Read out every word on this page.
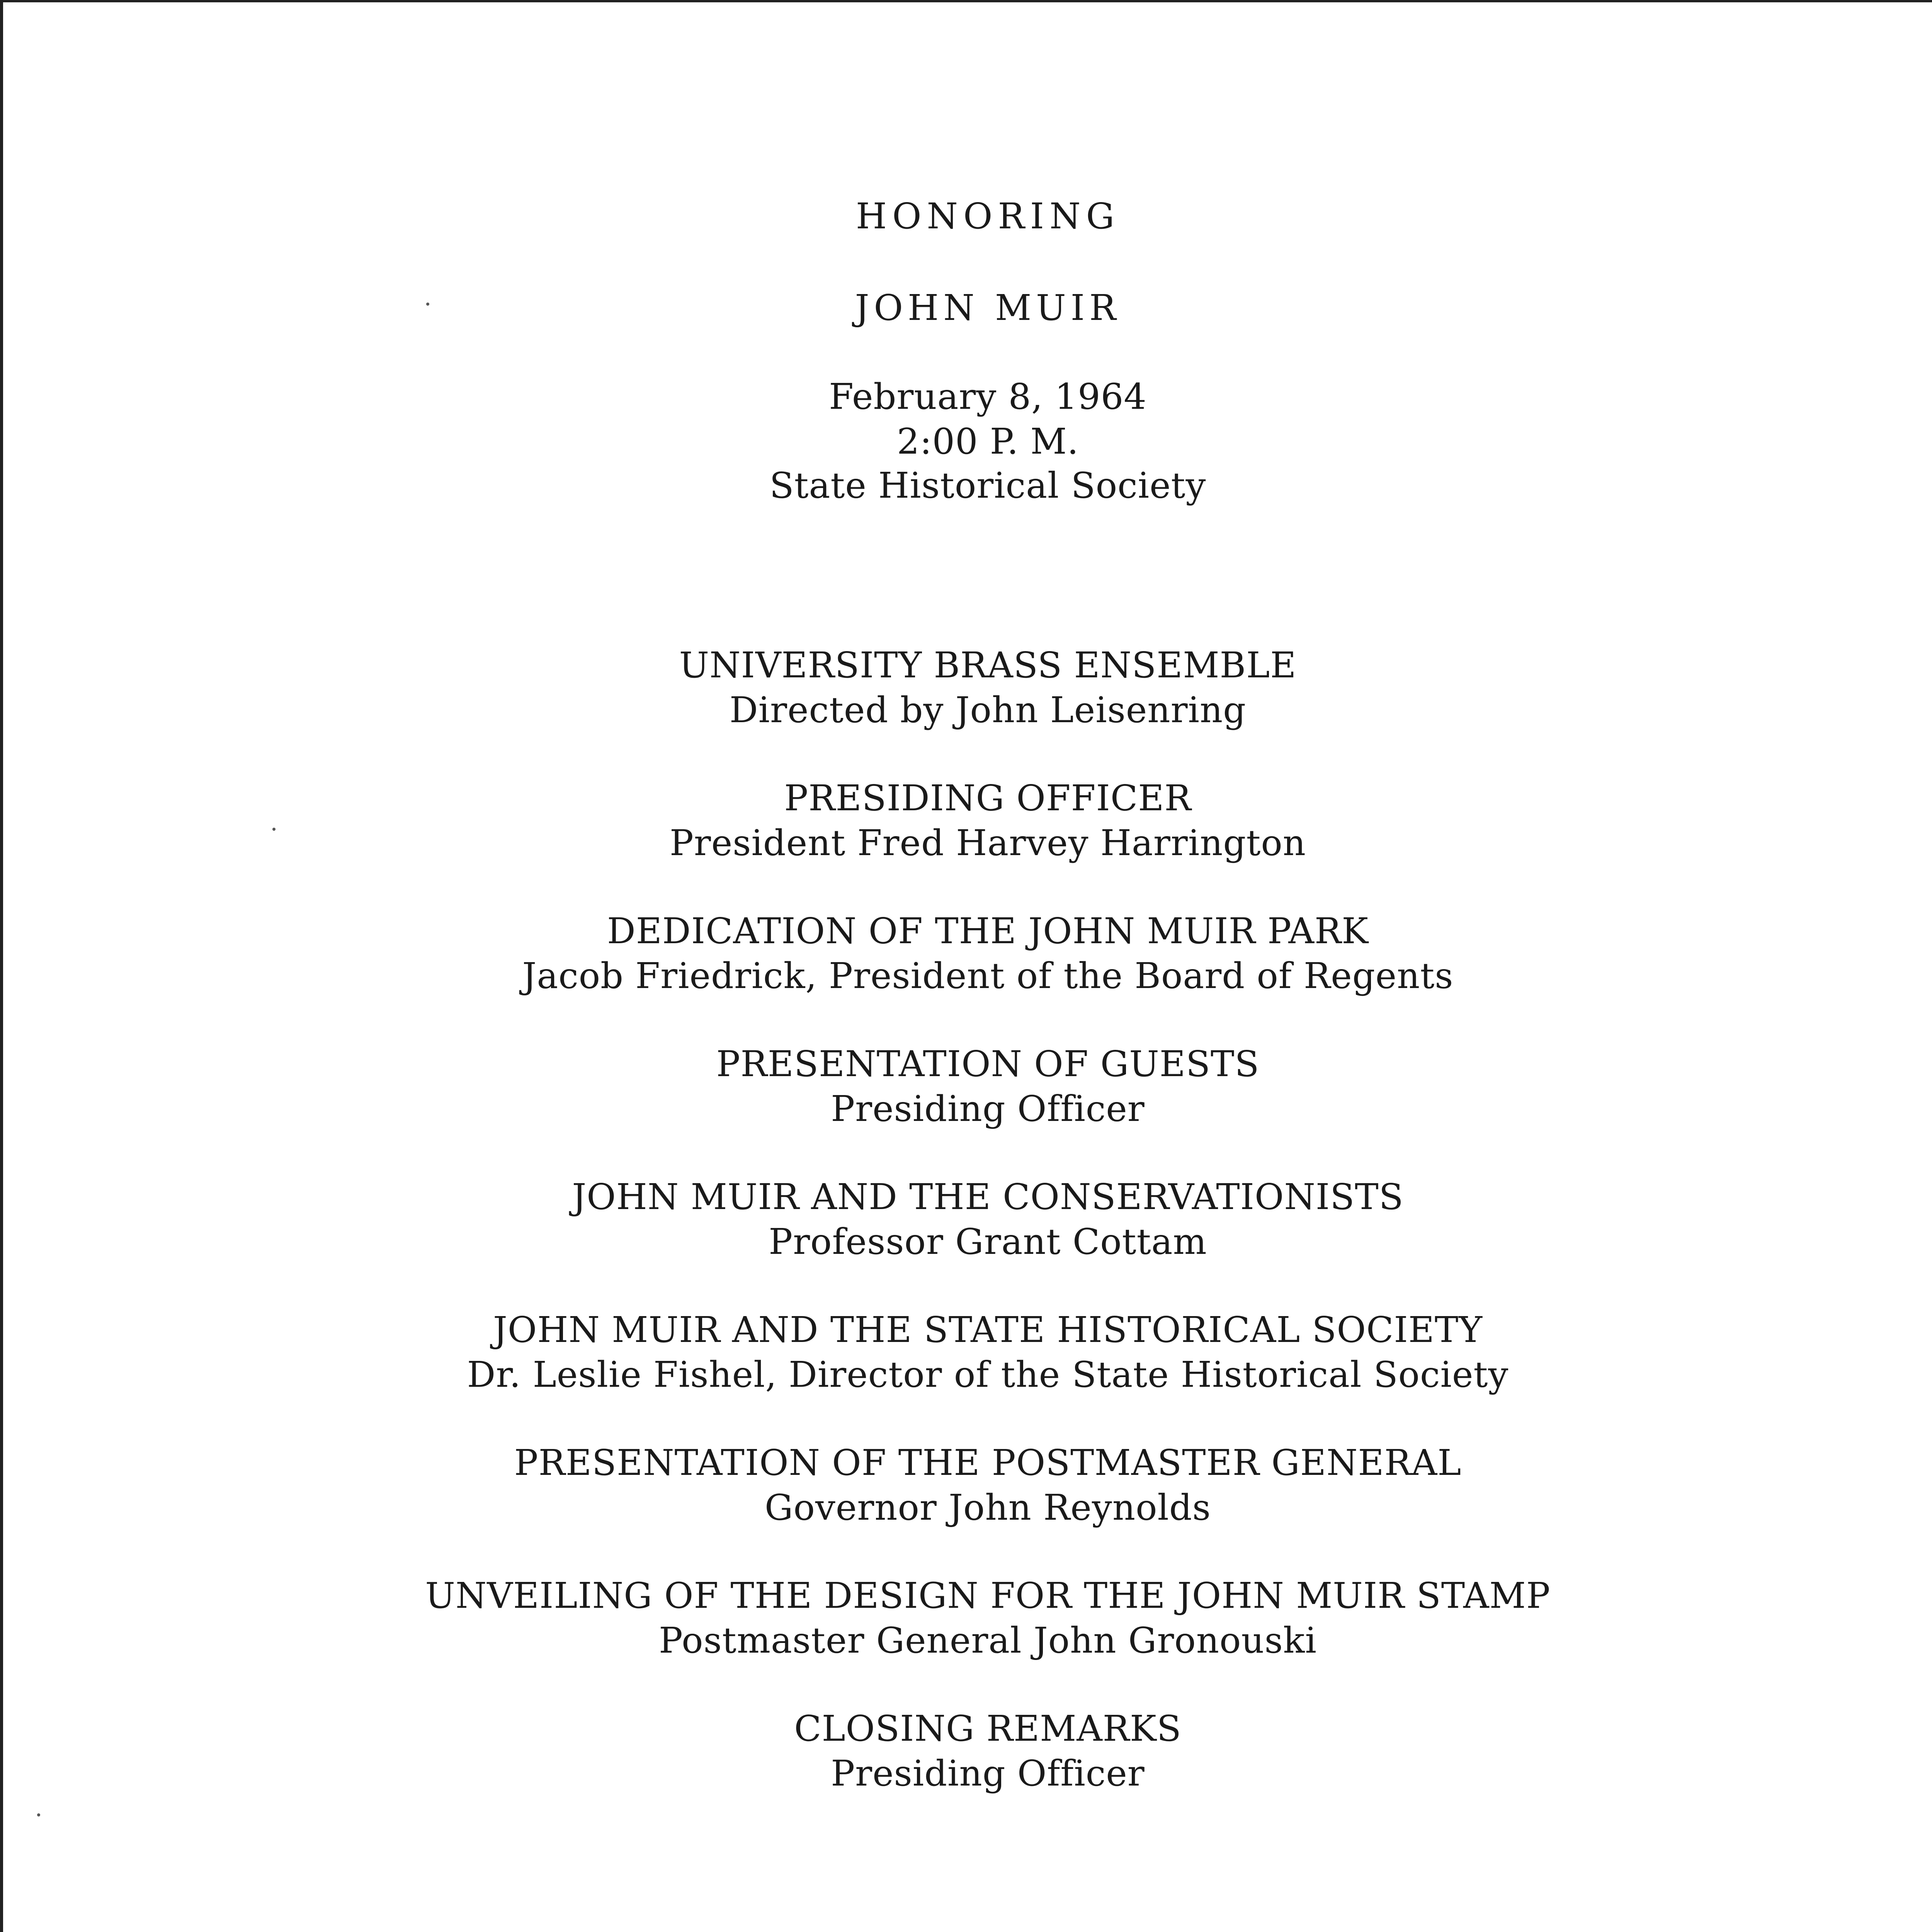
HONORING
JOHN MUIR
February 8, 1964
2:00 P. M.
State Historical Society
UNIVERSITY BRASS ENSEMBLE
Directed by John Leisenring
PRESIDING OFFICER
President Fred Harvey Harrington
DEDICATION OF THE JOHN MUIR PARK
Jacob Friedrick, President of the Board of Regents
PRESENTATION OF GUESTS
Presiding Officer
JOHN MUIR AND THE CONSERVATIONISTS
Professor Grant Cottam
JOHN MUIR AND THE STATE HISTORICAL SOCIETY
Dr. Leslie Fishel, Director of the State Historical Society
PRESENTATION OF THE POSTMASTER GENERAL
Governor John Reynolds
UNVEILING OF THE DESIGN FOR THE JOHN MUIR STAMP
Postmaster General John Gronouski
CLOSING REMARKS
Presiding Officer
